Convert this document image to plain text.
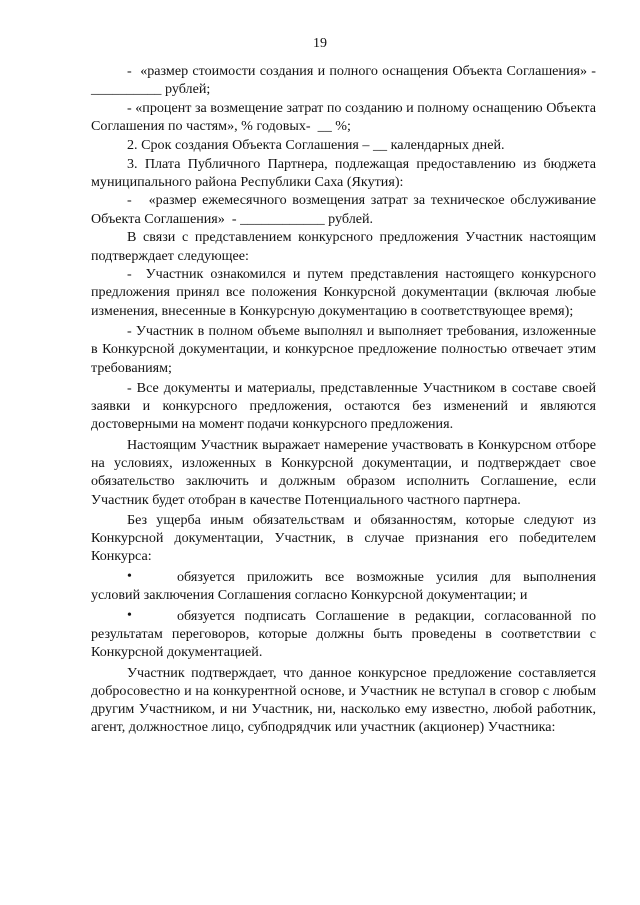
19

-  «размер стоимости создания и полного оснащения Объекта Соглашения» -  __________ рублей;

- «процент за возмещение затрат по созданию и полному оснащению Объекта Соглашения по частям», % годовых-  __ %;

2. Срок создания Объекта Соглашения – __ календарных дней.

3. Плата Публичного Партнера, подлежащая предоставлению из бюджета муниципального района Республики Саха (Якутия):

-   «размер ежемесячного возмещения затрат за техническое обслуживание Объекта Соглашения»  - ____________ рублей.

В связи с представлением конкурсного предложения Участник настоящим подтверждает следующее:

-  Участник ознакомился и путем представления настоящего конкурсного предложения принял все положения Конкурсной документации (включая любые изменения, внесенные в Конкурсную документацию в соответствующее время);

- Участник в полном объеме выполнял и выполняет требования, изложенные в Конкурсной документации, и конкурсное предложение полностью отвечает этим требованиям;

- Все документы и материалы, представленные Участником в составе своей заявки и конкурсного предложения, остаются без изменений и являются достоверными на момент подачи конкурсного предложения.

Настоящим Участник выражает намерение участвовать в Конкурсном отборе на условиях, изложенных в Конкурсной документации, и подтверждает свое обязательство заключить и должным образом исполнить Соглашение, если Участник будет отобран в качестве Потенциального частного партнера.

Без ущерба иным обязательствам и обязанностям, которые следуют из Конкурсной документации, Участник, в случае признания его победителем Конкурса:

•	обязуется приложить все возможные усилия для выполнения условий заключения Соглашения согласно Конкурсной документации; и

•	обязуется подписать Соглашение в редакции, согласованной по результатам переговоров, которые должны быть проведены в соответствии с Конкурсной документацией.

Участник подтверждает, что данное конкурсное предложение составляется добросовестно и на конкурентной основе, и Участник не вступал в сговор с любым другим Участником, и ни Участник, ни, насколько ему известно, любой работник, агент, должностное лицо, субподрядчик или участник (акционер) Участника:
